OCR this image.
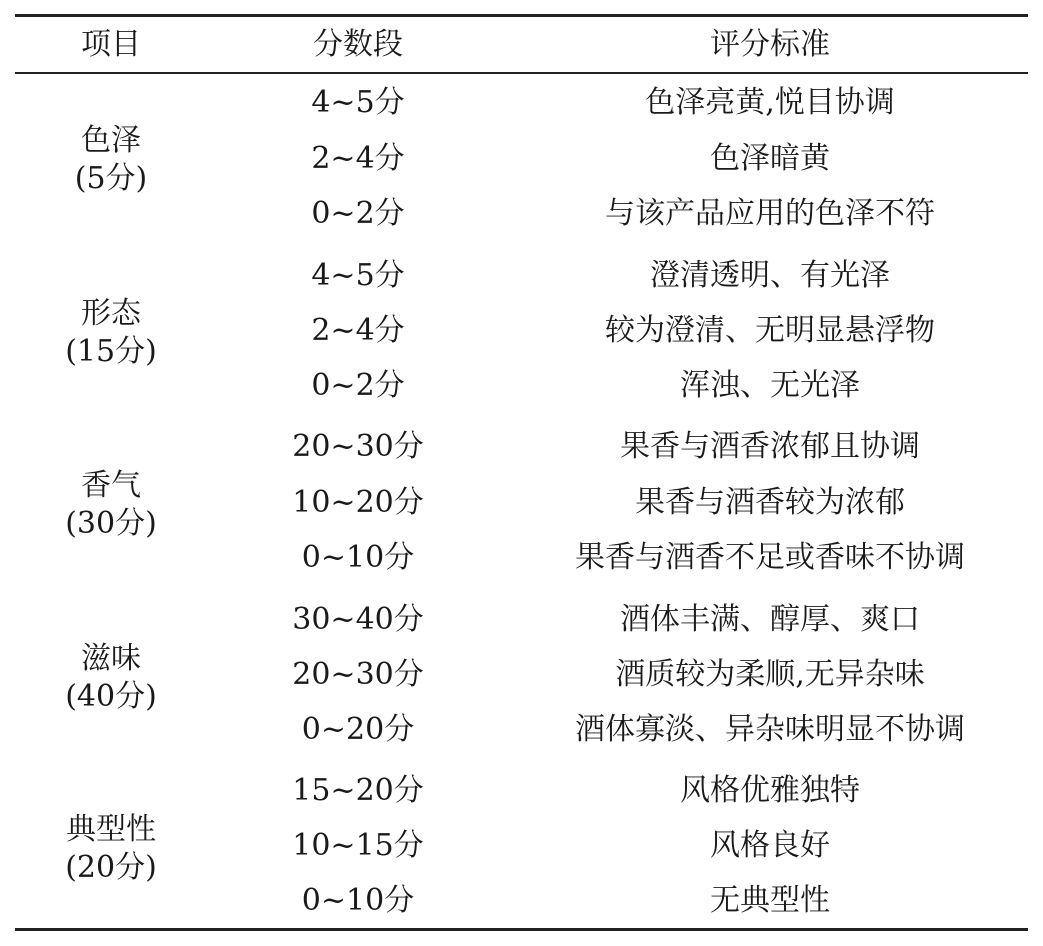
项目	分数段	评分标准
色泽
(5分)
4~5分	色泽亮黄,悦目协调
2~4分	色泽暗黄
0~2分	与该产品应用的色泽不符
形态
(15分)
4~5分	澄清透明、有光泽
2~4分	较为澄清、无明显悬浮物
0~2分	浑浊、无光泽
香气
(30分)
20~30分	果香与酒香浓郁且协调
10~20分	果香与酒香较为浓郁
0~10分	果香与酒香不足或香味不协调
滋味
(40分)
30~40分	酒体丰满、醇厚、爽口
20~30分	酒质较为柔顺,无异杂味
0~20分	酒体寡淡、异杂味明显不协调
典型性
(20分)
15~20分	风格优雅独特
10~15分	风格良好
0~10分	无典型性
